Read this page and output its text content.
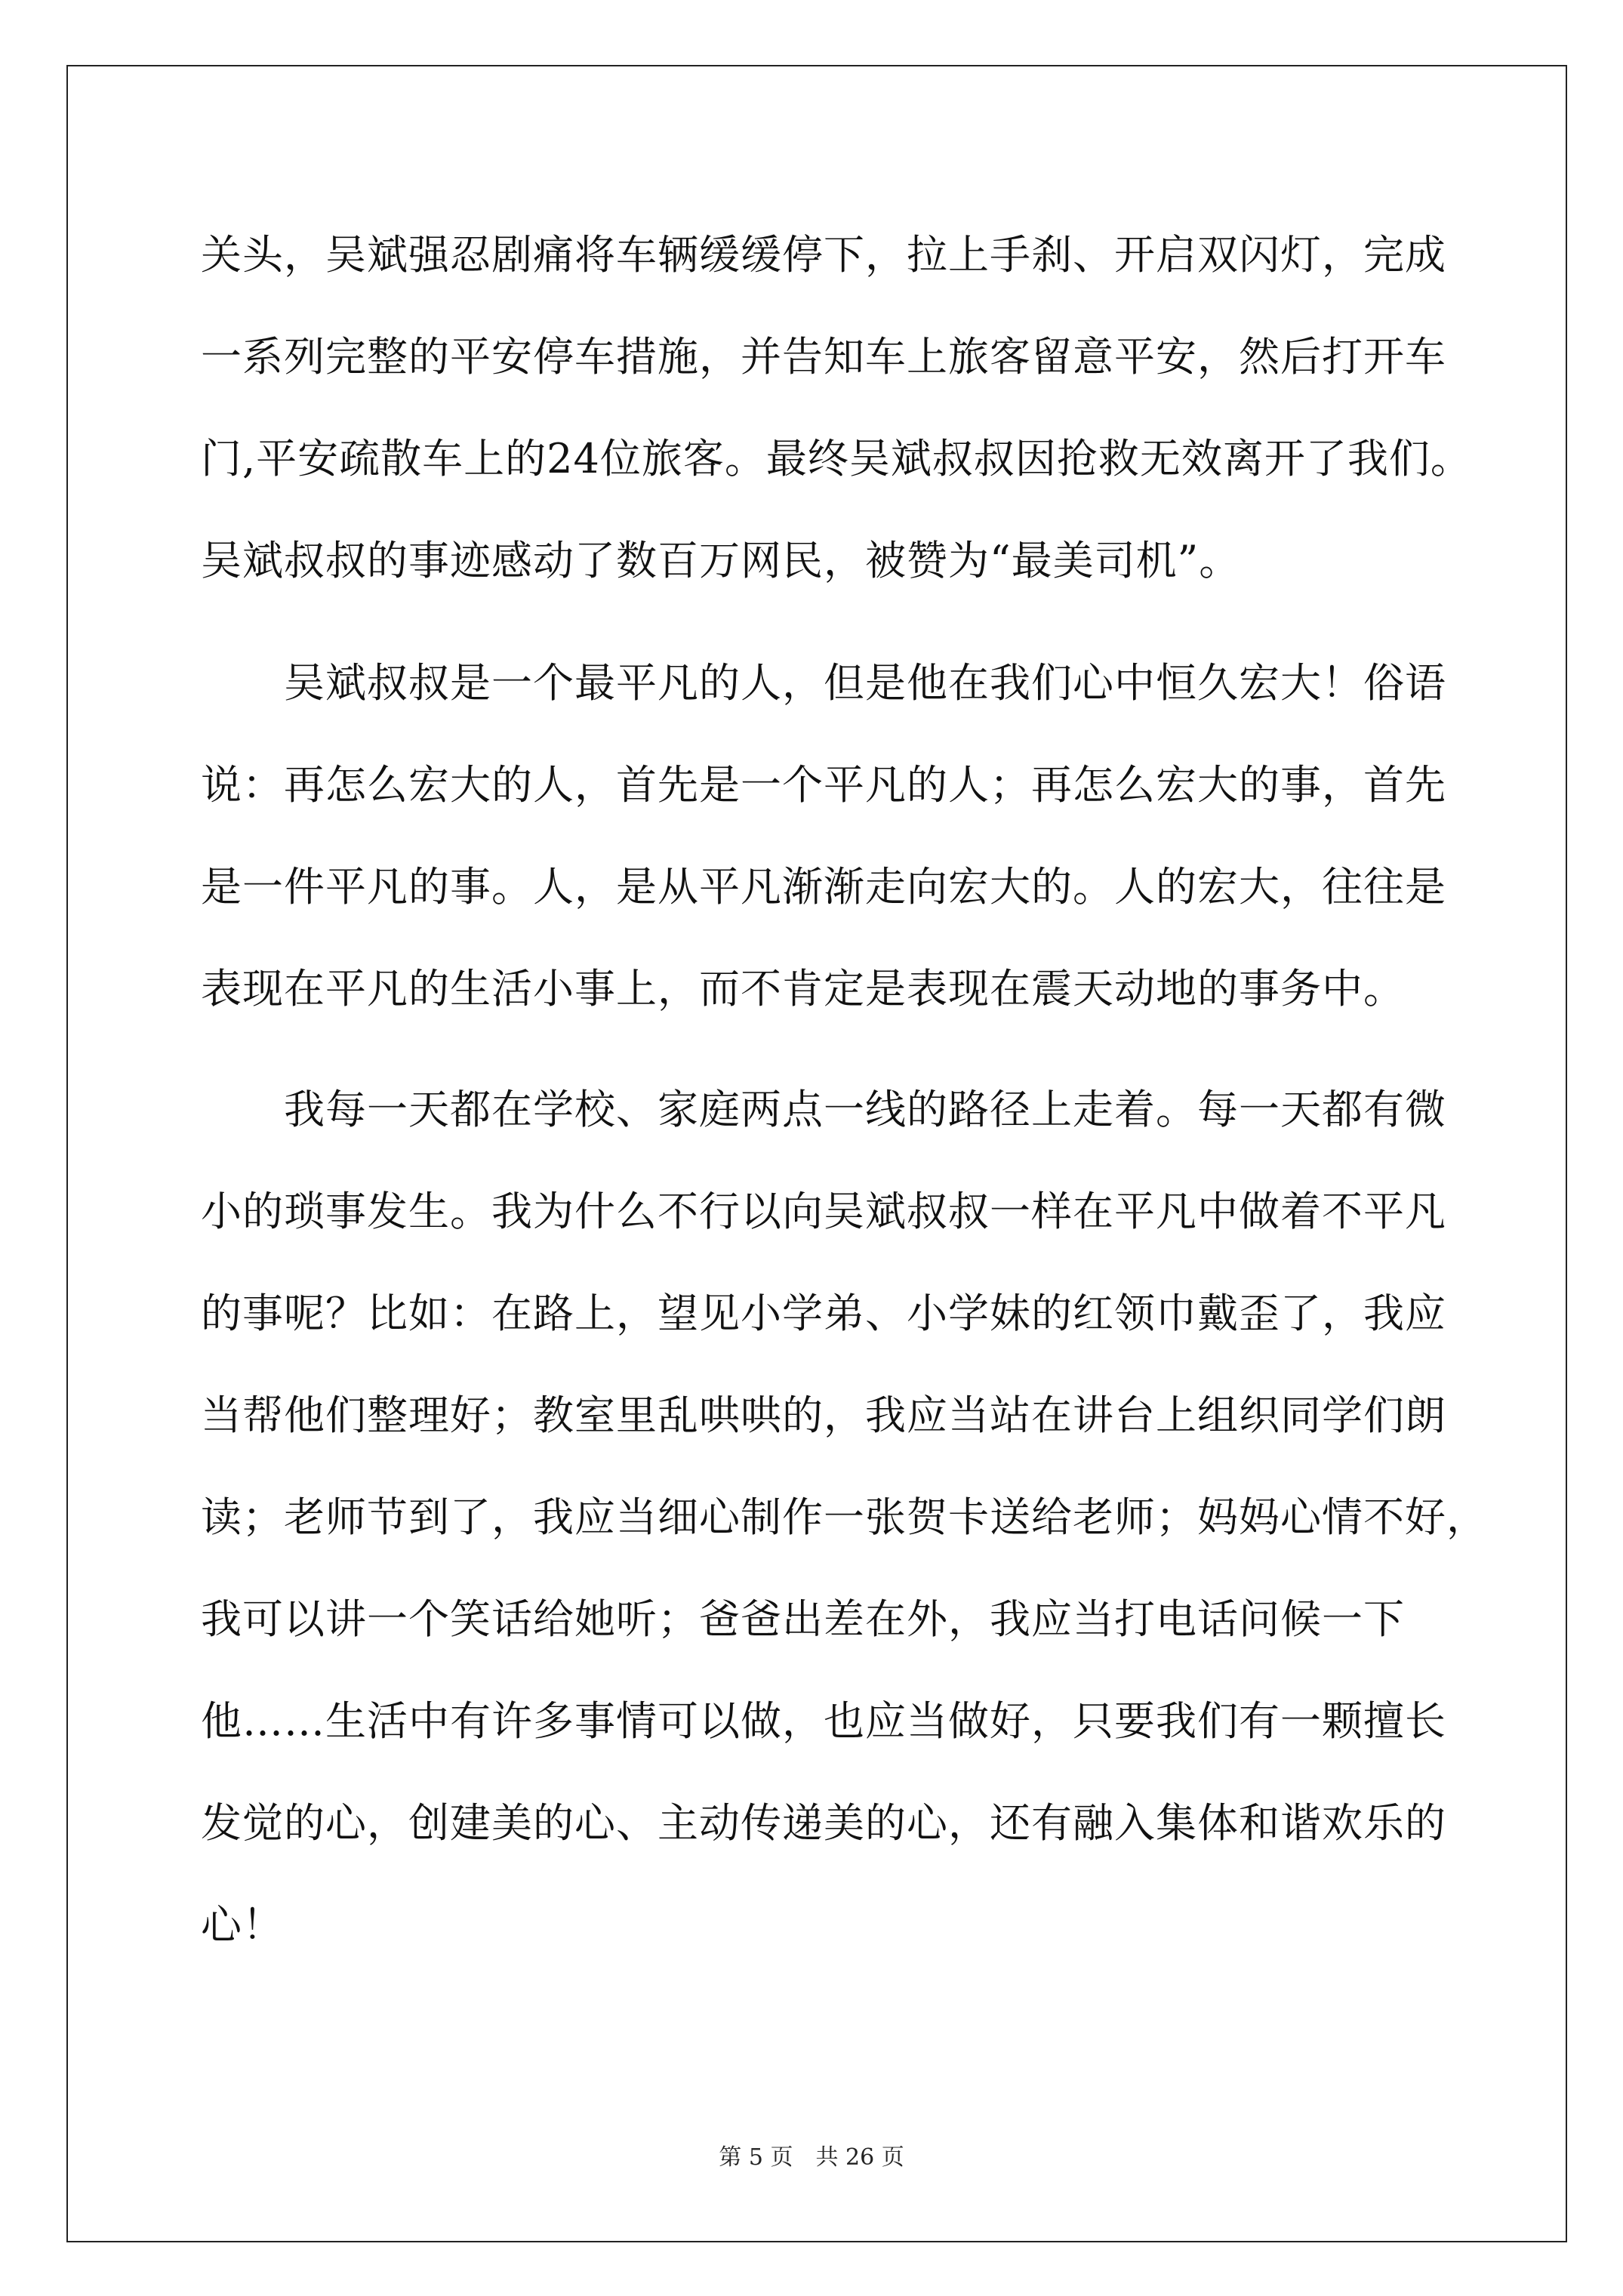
关头，吴斌强忍剧痛将车辆缓缓停下，拉上手刹、开启双闪灯，完成
一系列完整的平安停车措施，并告知车上旅客留意平安，然后打开车
门,平安疏散车上的24位旅客。最终吴斌叔叔因抢救无效离开了我们。
吴斌叔叔的事迹感动了数百万网民，被赞为“最美司机”。
吴斌叔叔是一个最平凡的人，但是他在我们心中恒久宏大！俗语
说：再怎么宏大的人，首先是一个平凡的人；再怎么宏大的事，首先
是一件平凡的事。人，是从平凡渐渐走向宏大的。人的宏大，往往是
表现在平凡的生活小事上，而不肯定是表现在震天动地的事务中。
我每一天都在学校、家庭两点一线的路径上走着。每一天都有微
小的琐事发生。我为什么不行以向吴斌叔叔一样在平凡中做着不平凡
的事呢？比如：在路上，望见小学弟、小学妹的红领巾戴歪了，我应
当帮他们整理好；教室里乱哄哄的，我应当站在讲台上组织同学们朗
读；老师节到了，我应当细心制作一张贺卡送给老师；妈妈心情不好，
我可以讲一个笑话给她听；爸爸出差在外，我应当打电话问候一下
他……生活中有许多事情可以做，也应当做好，只要我们有一颗擅长
发觉的心，创建美的心、主动传递美的心，还有融入集体和谐欢乐的
心！
第 5 页　共 26 页
